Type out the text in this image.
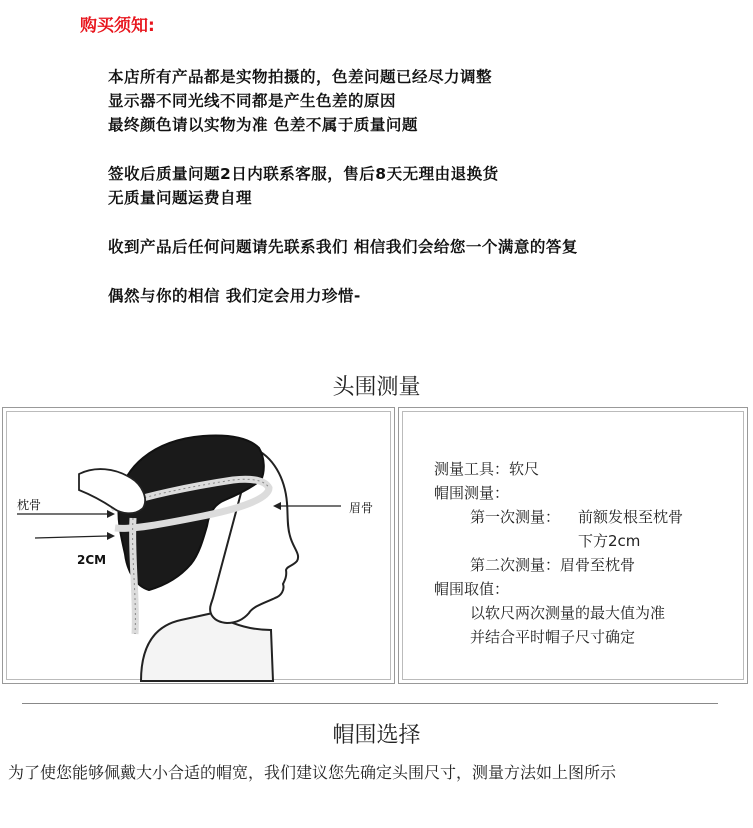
购买须知:
本店所有产品都是实物拍摄的，色差问题已经尽力调整
显示器不同光线不同都是产生色差的原因
最终颜色请以实物为准 色差不属于质量问题
签收后质量问题2日内联系客服，售后8天无理由退换货
无质量问题运费自理
收到产品后任何问题请先联系我们 相信我们会给您一个满意的答复
偶然与你的相信 我们定会用力珍惜-
头围测量
枕骨	眉骨
2CM
测量工具：软尺
帽围测量：
第一次测量： 前额发根至枕骨
下方2cm
第二次测量：眉骨至枕骨
帽围取值：
以软尺两次测量的最大值为准
并结合平时帽子尺寸确定
帽围选择
为了使您能够佩戴大小合适的帽宽，我们建议您先确定头围尺寸，测量方法如上图所示
